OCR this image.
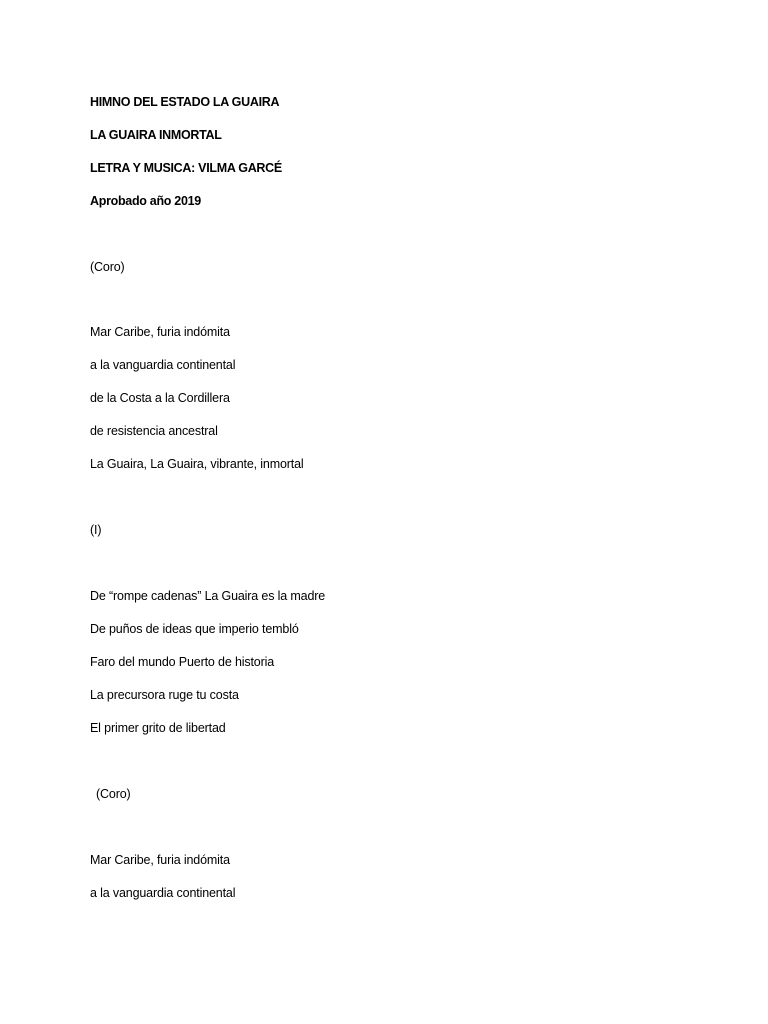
HIMNO DEL ESTADO LA GUAIRA
LA GUAIRA INMORTAL
LETRA Y MUSICA: VILMA GARCÉ
Aprobado año 2019
(Coro)
Mar Caribe, furia indómita
a la vanguardia continental
de la Costa a la Cordillera
de resistencia ancestral
La Guaira, La Guaira, vibrante, inmortal
(I)
De “rompe cadenas” La Guaira es la madre
De puños de ideas que imperio tembló
Faro del mundo Puerto de historia
La precursora ruge tu costa
El primer grito de libertad
(Coro)
Mar Caribe, furia indómita
a la vanguardia continental
